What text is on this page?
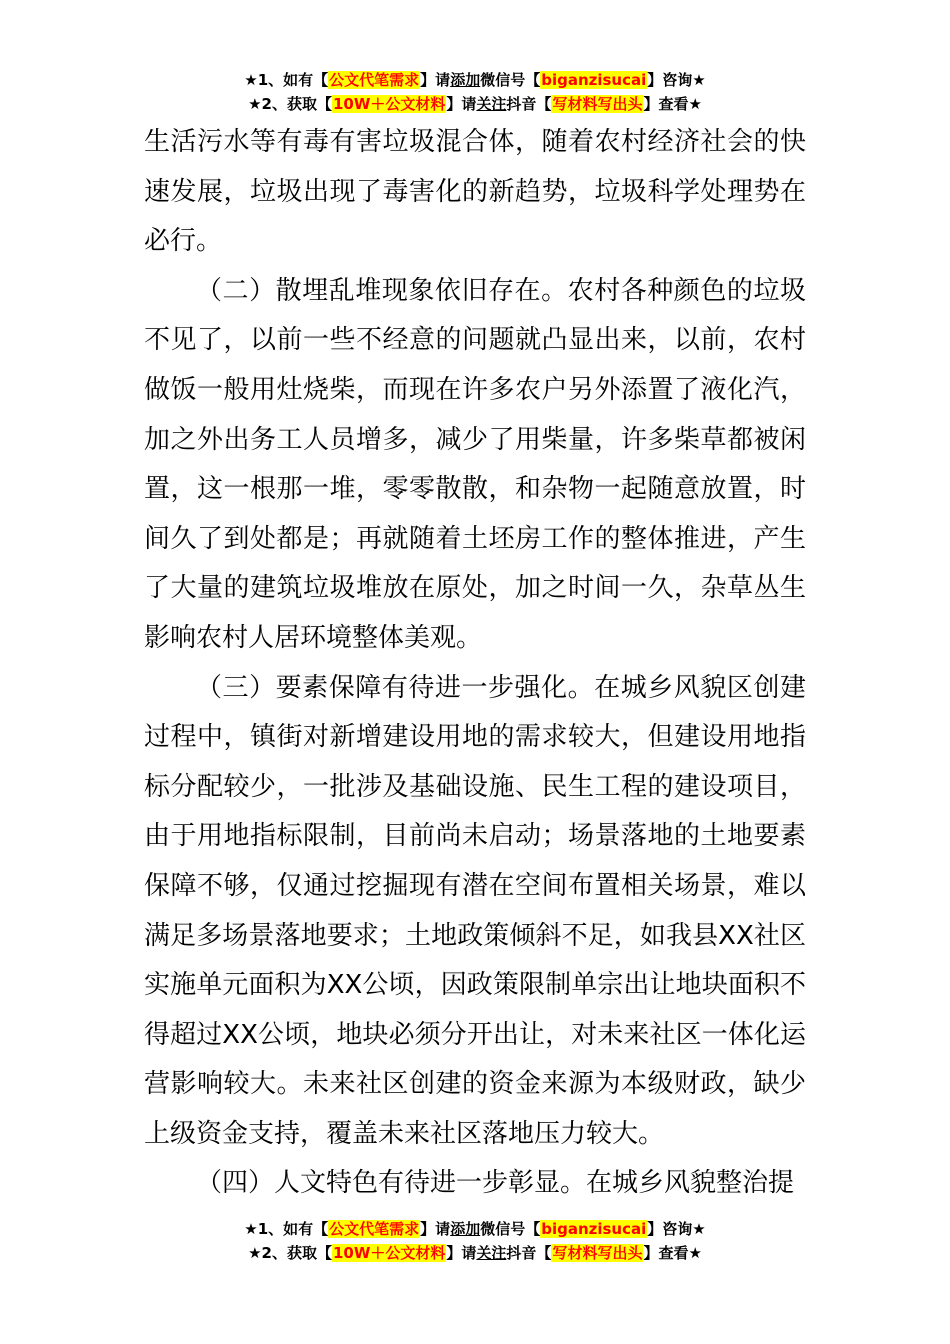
★1、如有【公文代笔需求】请添加微信号【biganzisucai】咨询★
★2、获取【10W＋公文材料】请关注抖音【写材料写出头】查看★

生活污水等有毒有害垃圾混合体，随着农村经济社会的快速发展，垃圾出现了毒害化的新趋势，垃圾科学处理势在必行。

（二）散埋乱堆现象依旧存在。农村各种颜色的垃圾不见了，以前一些不经意的问题就凸显出来，以前，农村做饭一般用灶烧柴，而现在许多农户另外添置了液化汽，加之外出务工人员增多，减少了用柴量，许多柴草都被闲置，这一根那一堆，零零散散，和杂物一起随意放置，时间久了到处都是；再就随着土坯房工作的整体推进，产生了大量的建筑垃圾堆放在原处，加之时间一久，杂草丛生影响农村人居环境整体美观。

（三）要素保障有待进一步强化。在城乡风貌区创建过程中，镇街对新增建设用地的需求较大，但建设用地指标分配较少，一批涉及基础设施、民生工程的建设项目，由于用地指标限制，目前尚未启动；场景落地的土地要素保障不够，仅通过挖掘现有潜在空间布置相关场景，难以满足多场景落地要求；土地政策倾斜不足，如我县XX社区实施单元面积为XX公顷，因政策限制单宗出让地块面积不得超过XX公顷，地块必须分开出让，对未来社区一体化运营影响较大。未来社区创建的资金来源为本级财政，缺少上级资金支持，覆盖未来社区落地压力较大。

（四）人文特色有待进一步彰显。在城乡风貌整治提

★1、如有【公文代笔需求】请添加微信号【biganzisucai】咨询★
★2、获取【10W＋公文材料】请关注抖音【写材料写出头】查看★
